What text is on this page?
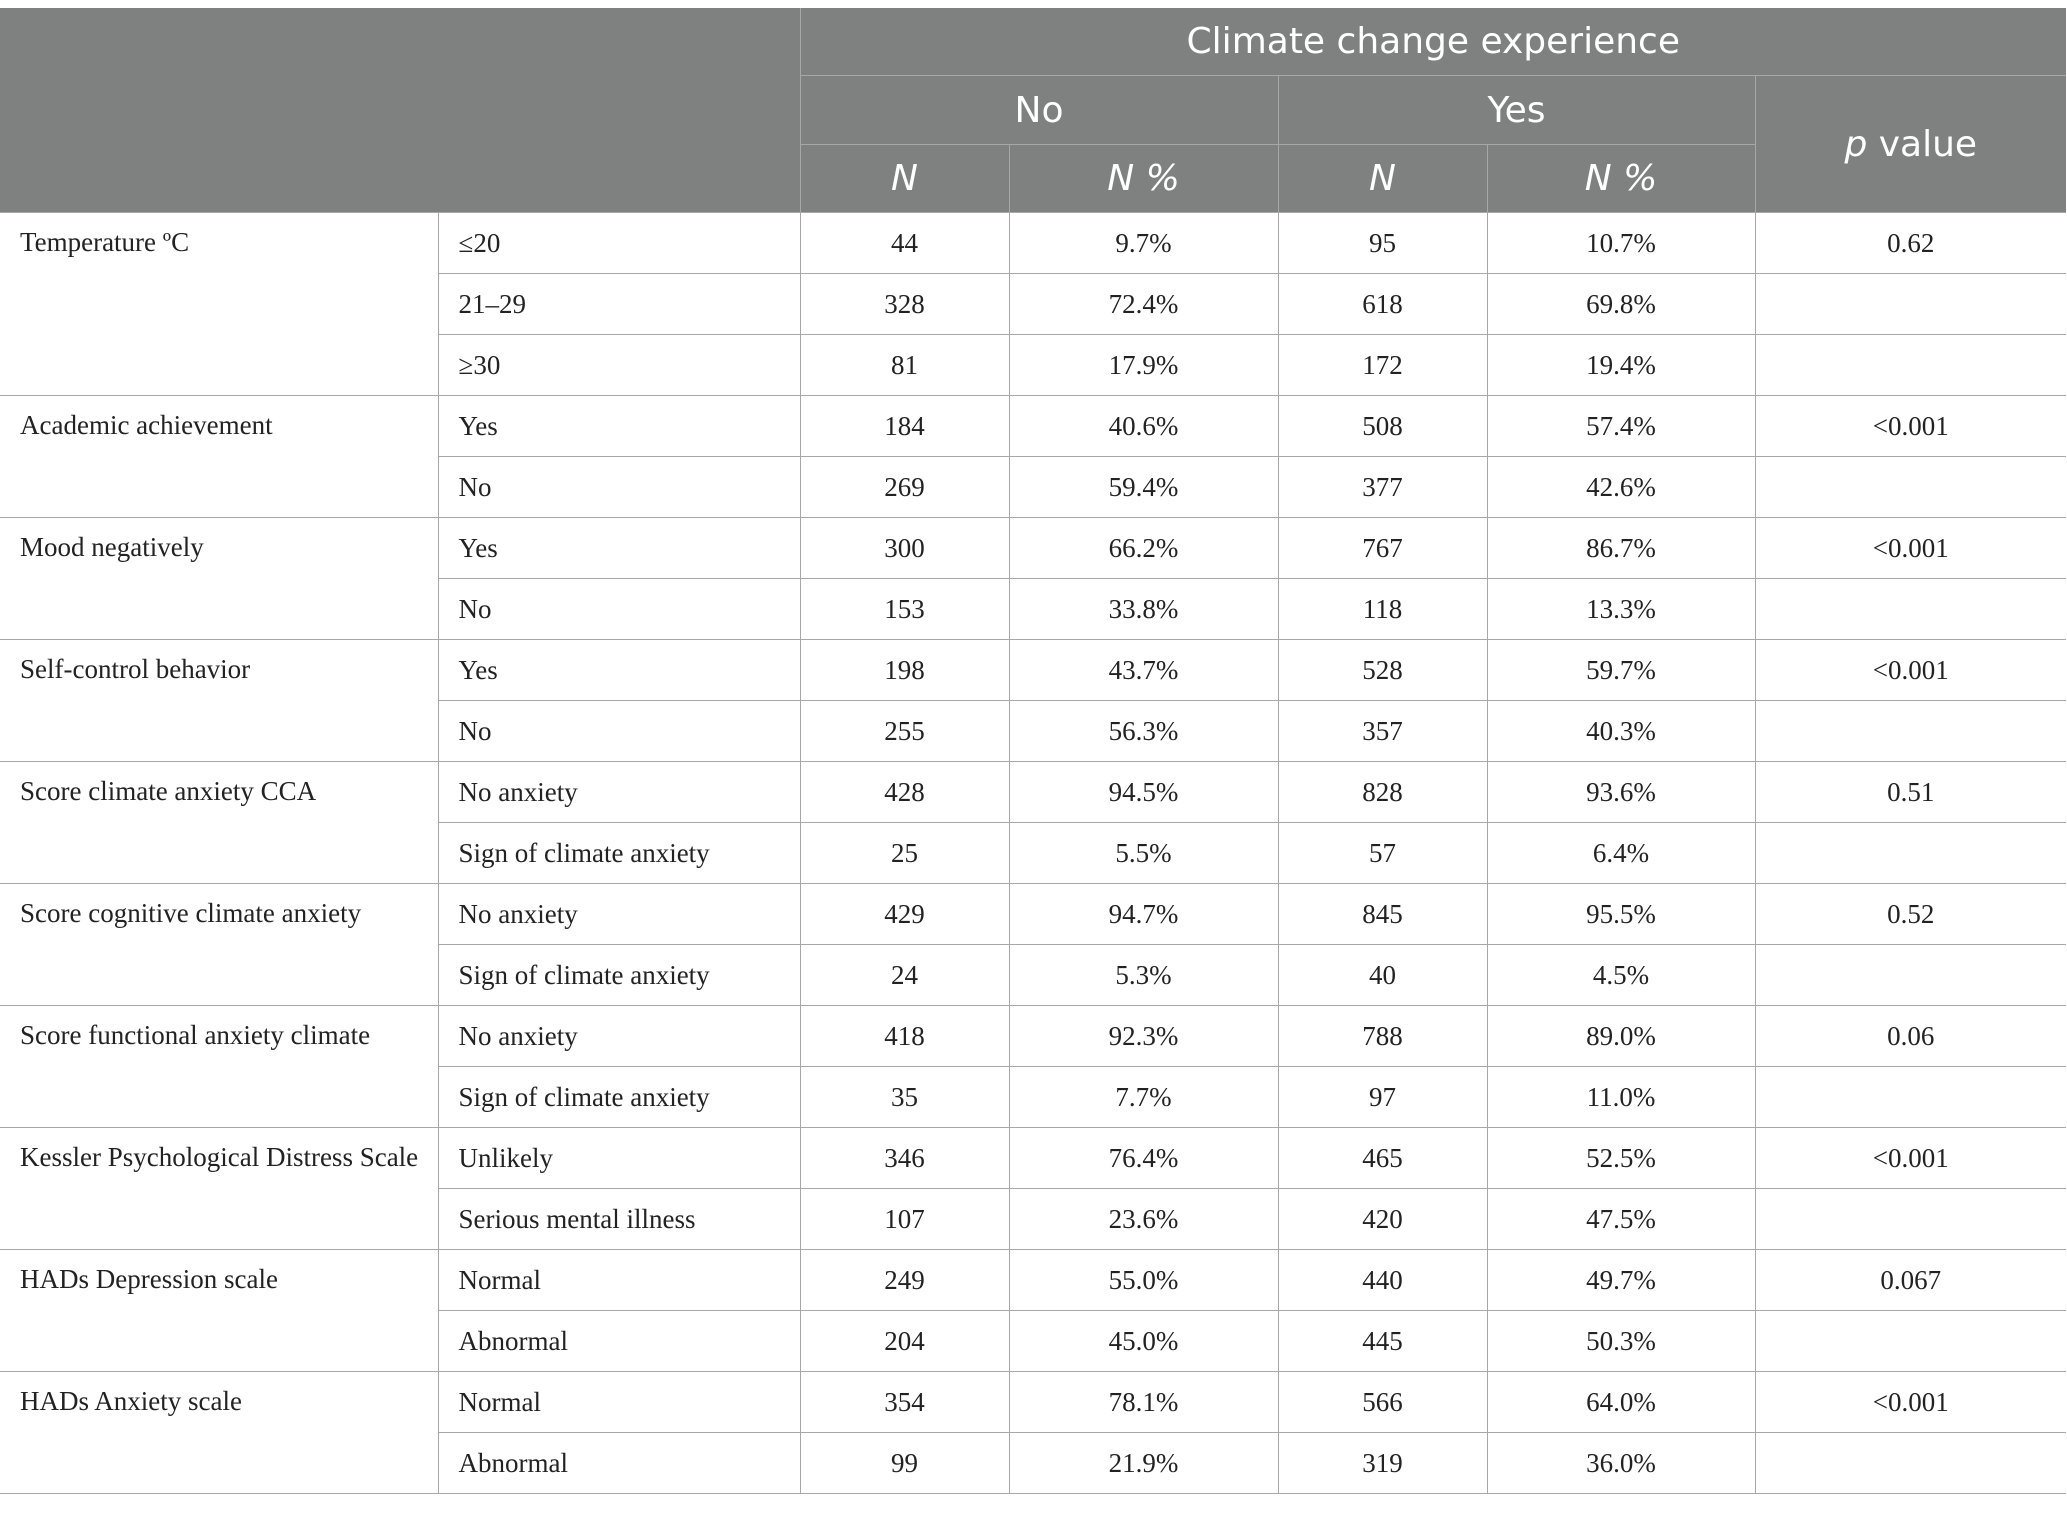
		Climate change experience				
		No		Yes		p value
		N	N %	N	N %	
Temperature ºC	≤20	44	9.7%	95	10.7%	0.62
	21–29	328	72.4%	618	69.8%	
	≥30	81	17.9%	172	19.4%	
Academic achievement	Yes	184	40.6%	508	57.4%	<0.001
	No	269	59.4%	377	42.6%	
Mood negatively	Yes	300	66.2%	767	86.7%	<0.001
	No	153	33.8%	118	13.3%	
Self-control behavior	Yes	198	43.7%	528	59.7%	<0.001
	No	255	56.3%	357	40.3%	
Score climate anxiety CCA	No anxiety	428	94.5%	828	93.6%	0.51
	Sign of climate anxiety	25	5.5%	57	6.4%	
Score cognitive climate anxiety	No anxiety	429	94.7%	845	95.5%	0.52
	Sign of climate anxiety	24	5.3%	40	4.5%	
Score functional anxiety climate	No anxiety	418	92.3%	788	89.0%	0.06
	Sign of climate anxiety	35	7.7%	97	11.0%	
Kessler Psychological Distress Scale	Unlikely	346	76.4%	465	52.5%	<0.001
	Serious mental illness	107	23.6%	420	47.5%	
HADs Depression scale	Normal	249	55.0%	440	49.7%	0.067
	Abnormal	204	45.0%	445	50.3%	
HADs Anxiety scale	Normal	354	78.1%	566	64.0%	<0.001
	Abnormal	99	21.9%	319	36.0%	
